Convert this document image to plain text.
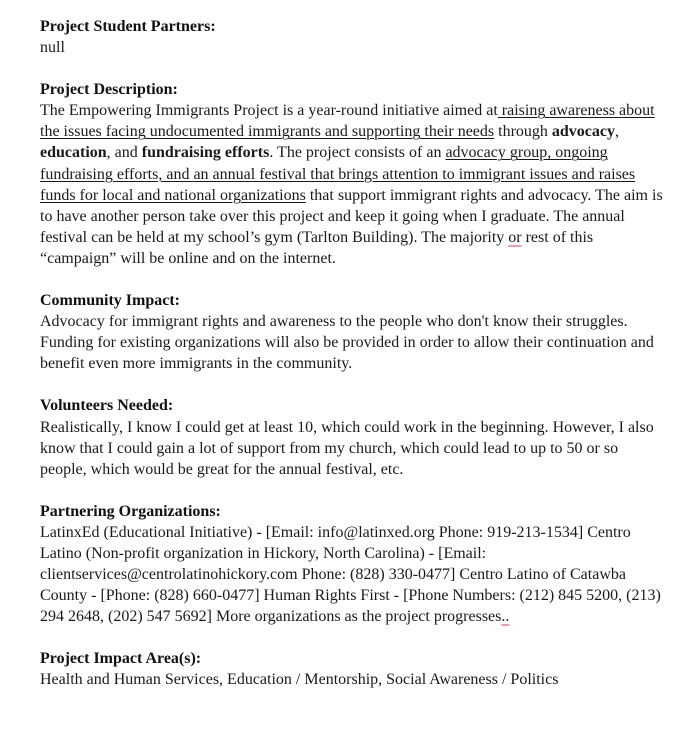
Project Student Partners:
null
Project Description:
The Empowering Immigrants Project is a year-round initiative aimed at raising awareness about the issues facing undocumented immigrants and supporting their needs through advocacy, education, and fundraising efforts. The project consists of an advocacy group, ongoing fundraising efforts, and an annual festival that brings attention to immigrant issues and raises funds for local and national organizations that support immigrant rights and advocacy. The aim is to have another person take over this project and keep it going when I graduate. The annual festival can be held at my school’s gym (Tarlton Building). The majority or rest of this “campaign” will be online and on the internet.
Community Impact:
Advocacy for immigrant rights and awareness to the people who don't know their struggles. Funding for existing organizations will also be provided in order to allow their continuation and benefit even more immigrants in the community.
Volunteers Needed:
Realistically, I know I could get at least 10, which could work in the beginning. However, I also know that I could gain a lot of support from my church, which could lead to up to 50 or so people, which would be great for the annual festival, etc.
Partnering Organizations:
LatinxEd (Educational Initiative) - [Email: info@latinxed.org Phone: 919-213-1534] Centro Latino (Non-profit organization in Hickory, North Carolina) - [Email: clientservices@centrolatinohickory.com Phone: (828) 330-0477] Centro Latino of Catawba County - [Phone: (828) 660-0477] Human Rights First - [Phone Numbers: (212) 845 5200, (213) 294 2648, (202) 547 5692] More organizations as the project progresses..
Project Impact Area(s):
Health and Human Services, Education / Mentorship, Social Awareness / Politics
